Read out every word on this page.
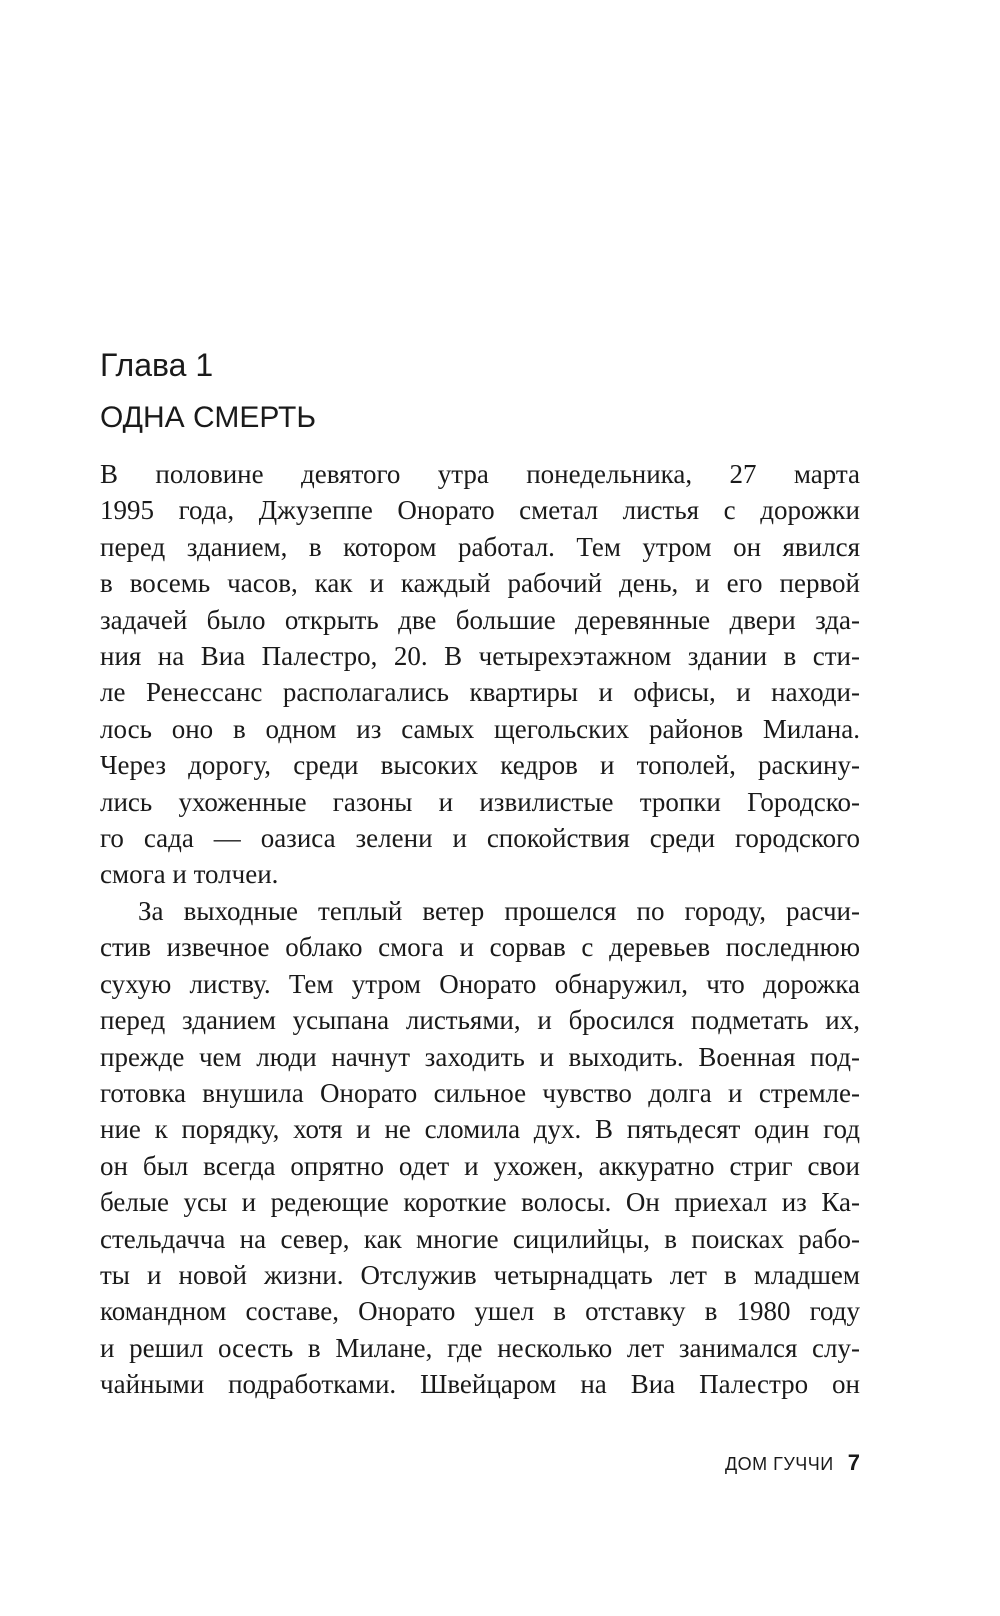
Глава 1
ОДНА СМЕРТЬ
В половине девятого утра понедельника, 27 марта
1995 года, Джузеппе Онорато сметал листья с дорожки
перед зданием, в котором работал. Тем утром он явился
в восемь часов, как и каждый рабочий день, и его первой
задачей было открыть две большие деревянные двери зда-
ния на Виа Палестро, 20. В четырехэтажном здании в сти-
ле Ренессанс располагались квартиры и офисы, и находи-
лось оно в одном из самых щегольских районов Милана.
Через дорогу, среди высоких кедров и тополей, раскину-
лись ухоженные газоны и извилистые тропки Городско-
го сада — оазиса зелени и спокойствия среди городского
смога и толчеи.
За выходные теплый ветер прошелся по городу, расчи-
стив извечное облако смога и сорвав с деревьев последнюю
сухую листву. Тем утром Онорато обнаружил, что дорожка
перед зданием усыпана листьями, и бросился подметать их,
прежде чем люди начнут заходить и выходить. Военная под-
готовка внушила Онорато сильное чувство долга и стремле-
ние к порядку, хотя и не сломила дух. В пятьдесят один год
он был всегда опрятно одет и ухожен, аккуратно стриг свои
белые усы и редеющие короткие волосы. Он приехал из Ка-
стельдачча на север, как многие сицилийцы, в поисках рабо-
ты и новой жизни. Отслужив четырнадцать лет в младшем
командном составе, Онорато ушел в отставку в 1980 году
и решил осесть в Милане, где несколько лет занимался слу-
чайными подработками. Швейцаром на Виа Палестро он
ДОМ ГУЧЧИ 7
